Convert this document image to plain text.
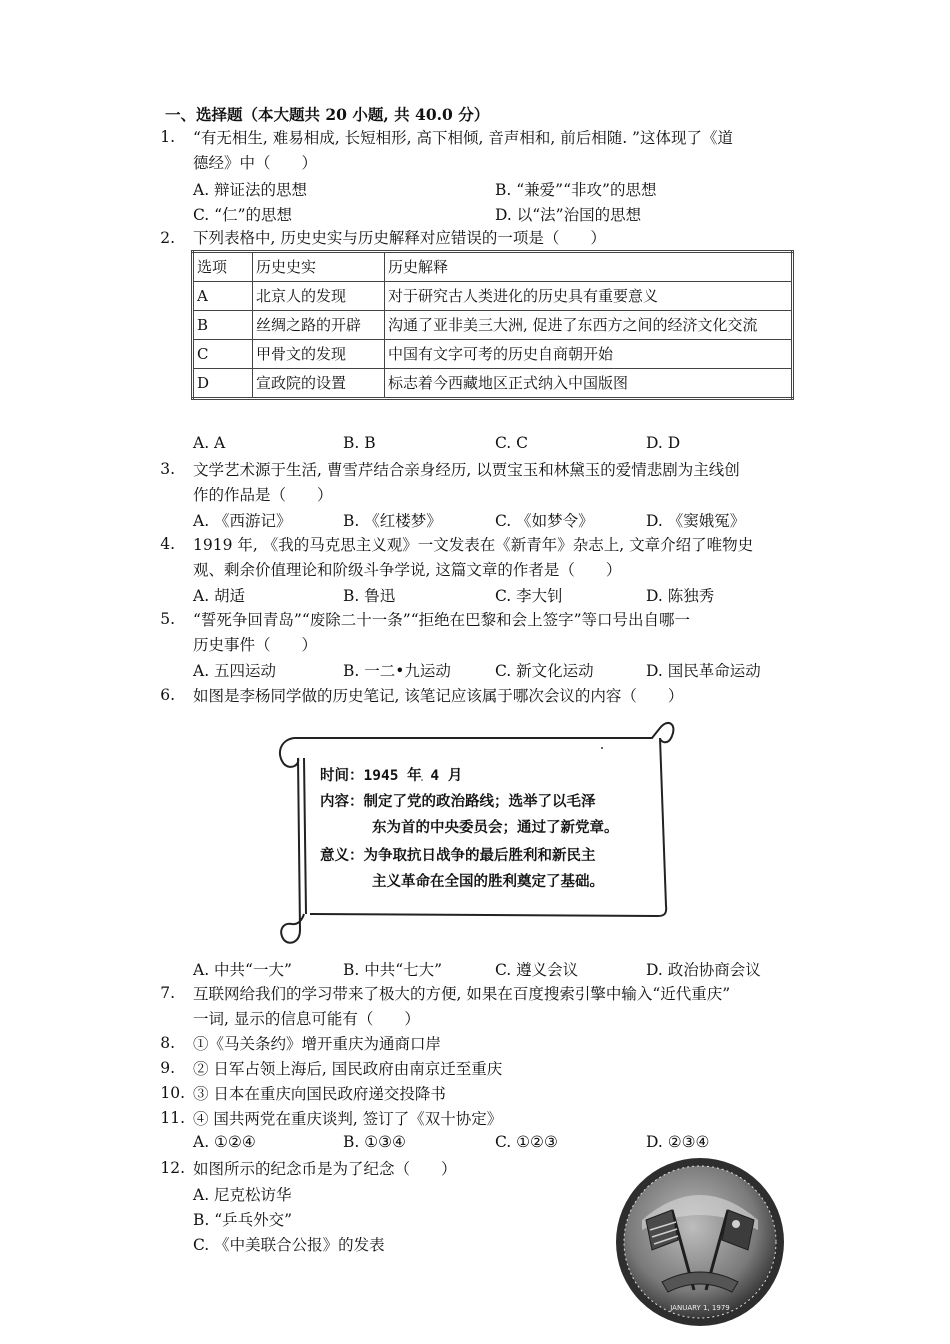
一、选择题（本大题共 20 小题, 共 40.0 分）
1. “有无相生, 难易相成, 长短相形, 高下相倾, 音声相和, 前后相随. ”这体现了《道
德经》中（　　）
A. 辩证法的思想	B. “兼爱”“非攻”的思想
C. “仁”的思想	D. 以“法”治国的思想
2. 下列表格中, 历史史实与历史解释对应错误的一项是（　　）
选项	历史史实	历史解释
A	北京人的发现	对于研究古人类进化的历史具有重要意义
B	丝绸之路的开辟	沟通了亚非美三大洲, 促进了东西方之间的经济文化交流
C	甲骨文的发现	中国有文字可考的历史自商朝开始
D	宣政院的设置	标志着今西藏地区正式纳入中国版图
A. A	B. B	C. C	D. D
3. 文学艺术源于生活, 曹雪芹结合亲身经历, 以贾宝玉和林黛玉的爱情悲剧为主线创
作的作品是（　　）
A. 《西游记》	B. 《红楼梦》	C. 《如梦令》	D. 《窦娥冤》
4. 1919 年, 《我的马克思主义观》一文发表在《新青年》杂志上, 文章介绍了唯物史
观、剩余价值理论和阶级斗争学说, 这篇文章的作者是（　　）
A. 胡适	B. 鲁迅	C. 李大钊	D. 陈独秀
5. “誓死争回青岛”“废除二十一条”“拒绝在巴黎和会上签字”等口号出自哪一
历史事件（　　）
A. 五四运动	B. 一二•九运动	C. 新文化运动	D. 国民革命运动
6. 如图是李杨同学做的历史笔记, 该笔记应该属于哪次会议的内容（　　）
时间：1945 年 4 月
内容：制定了党的政治路线；选举了以毛泽
东为首的中央委员会；通过了新党章。
意义：为争取抗日战争的最后胜利和新民主
主义革命在全国的胜利奠定了基础。
A. 中共“一大”	B. 中共“七大”	C. 遵义会议	D. 政治协商会议
7. 互联网给我们的学习带来了极大的方便, 如果在百度搜索引擎中输入“近代重庆”
一词, 显示的信息可能有（　　）
8. ①《马关条约》增开重庆为通商口岸
9. ② 日军占领上海后, 国民政府由南京迁至重庆
10. ③ 日本在重庆向国民政府递交投降书
11. ④ 国共两党在重庆谈判, 签订了《双十协定》
A. ①②④	B. ①③④	C. ①②③	D. ②③④
12. 如图所示的纪念币是为了纪念（　　）
A. 尼克松访华
B. “乒乓外交”
C. 《中美联合公报》的发表
JANUARY 1, 1979
